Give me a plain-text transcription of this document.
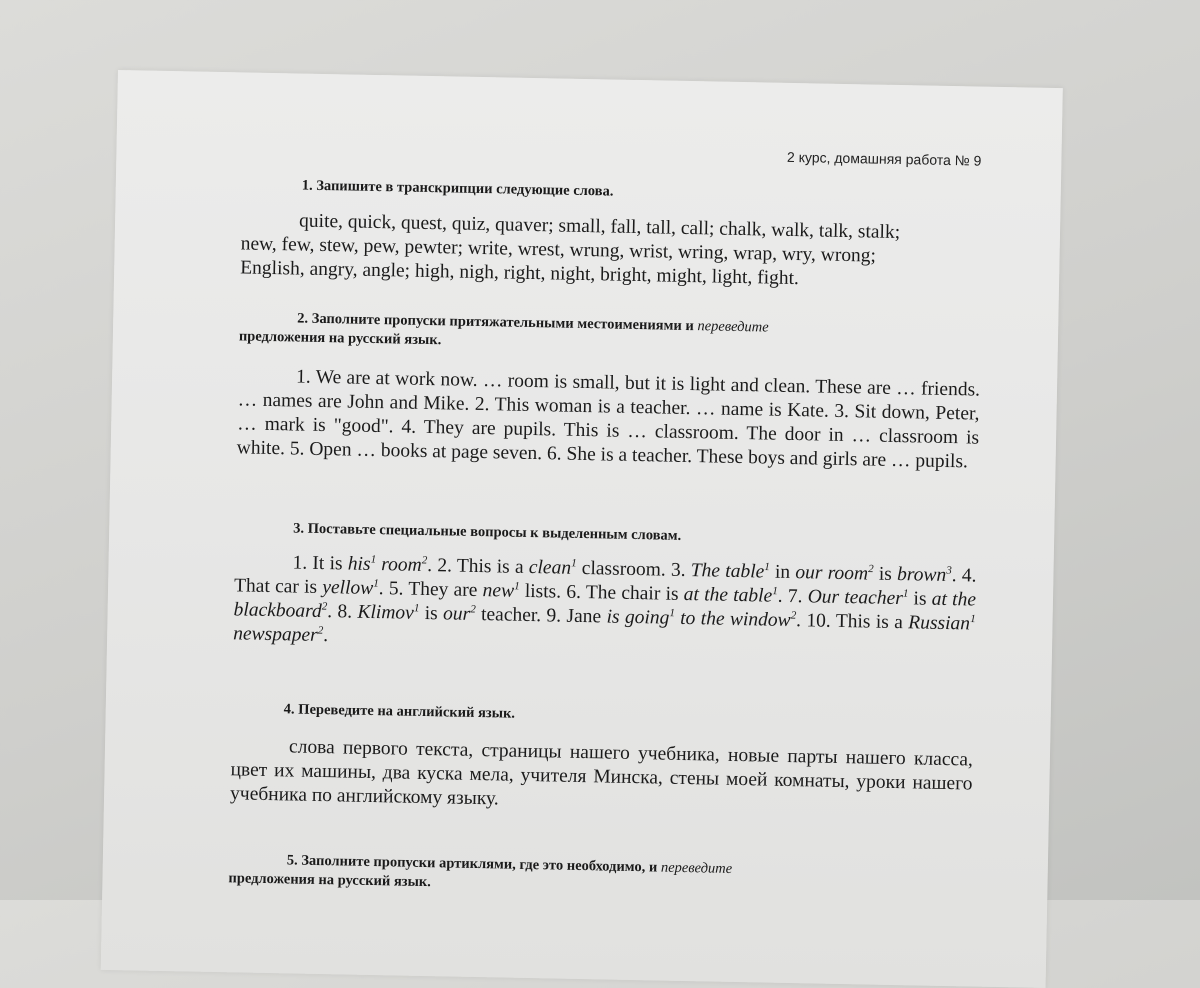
2 курс, домашняя работа № 9
1. Запишите в транскрипции следующие слова.
quite, quick, quest, quiz, quaver; small, fall, tall, call; chalk, walk, talk, stalk;
new, few, stew, pew, pewter; write, wrest, wrung, wrist, wring, wrap, wry, wrong;
English, angry, angle; high, nigh, right, night, bright, might, light, fight.
2. Заполните пропуски притяжательными местоимениями и переведите
предложения на русский язык.
1. We are at work now. … room is small, but it is light and clean. These are … friends. … names are John and Mike. 2. This woman is a teacher. … name is Kate. 3. Sit down, Peter, … mark is "good". 4. They are pupils. This is … classroom. The door in … classroom is white. 5. Open … books at page seven. 6. She is a teacher. These boys and girls are … pupils.
3. Поставьте специальные вопросы к выделенным словам.
1. It is his$^1$ room$^2$. 2. This is a clean$^1$ classroom. 3. The table$^1$ in our room$^2$ is brown$^3$. 4. That car is yellow$^1$. 5. They are new$^1$ lists. 6. The chair is at the table$^1$. 7. Our teacher$^1$ is at the blackboard$^2$. 8. Klimov$^1$ is our$^2$ teacher. 9. Jane is going$^1$ to the window$^2$. 10. This is a Russian$^1$ newspaper$^2$.
4. Переведите на английский язык.
слова первого текста, страницы нашего учебника, новые парты нашего класса, цвет их машины, два куска мела, учителя Минска, стены моей комнаты, уроки нашего учебника по английскому языку.
5. Заполните пропуски артиклями, где это необходимо, и переведите
предложения на русский язык.
